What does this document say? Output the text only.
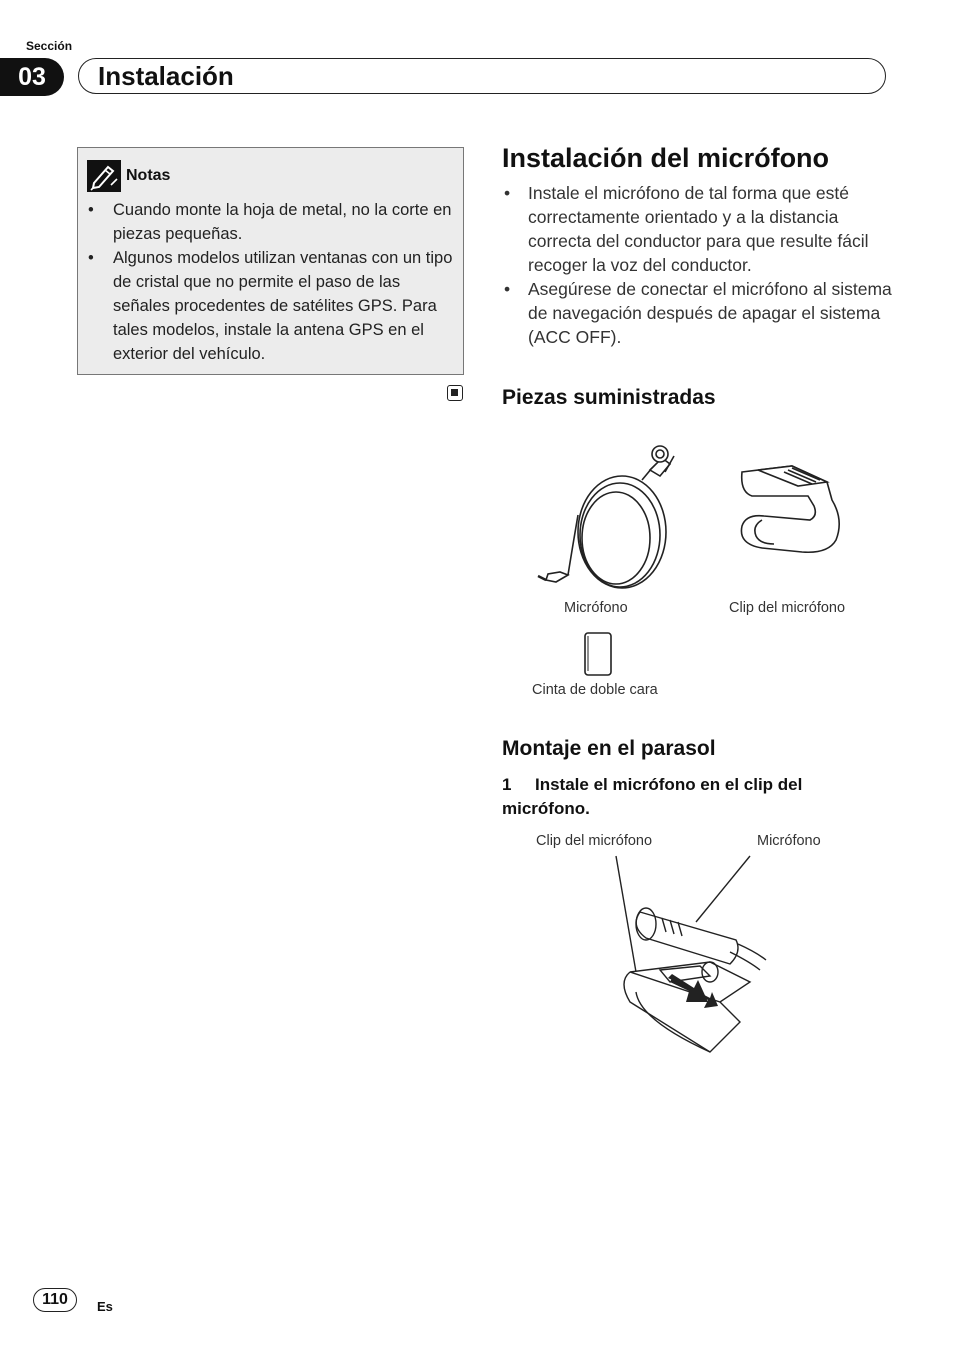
Sección
03	Instalación
Notas
• Cuando monte la hoja de metal, no la corte en piezas pequeñas.
• Algunos modelos utilizan ventanas con un tipo de cristal que no permite el paso de las señales procedentes de satélites GPS. Para tales modelos, instale la antena GPS en el exterior del vehículo.
Instalación del micrófono
• Instale el micrófono de tal forma que esté correctamente orientado y a la distancia correcta del conductor para que resulte fácil recoger la voz del conductor.
• Asegúrese de conectar el micrófono al sistema de navegación después de apagar el sistema (ACC OFF).
Piezas suministradas
Micrófono	Clip del micrófono
Cinta de doble cara
Montaje en el parasol
1	Instale el micrófono en el clip del micrófono.
Clip del micrófono	Micrófono
110	Es
